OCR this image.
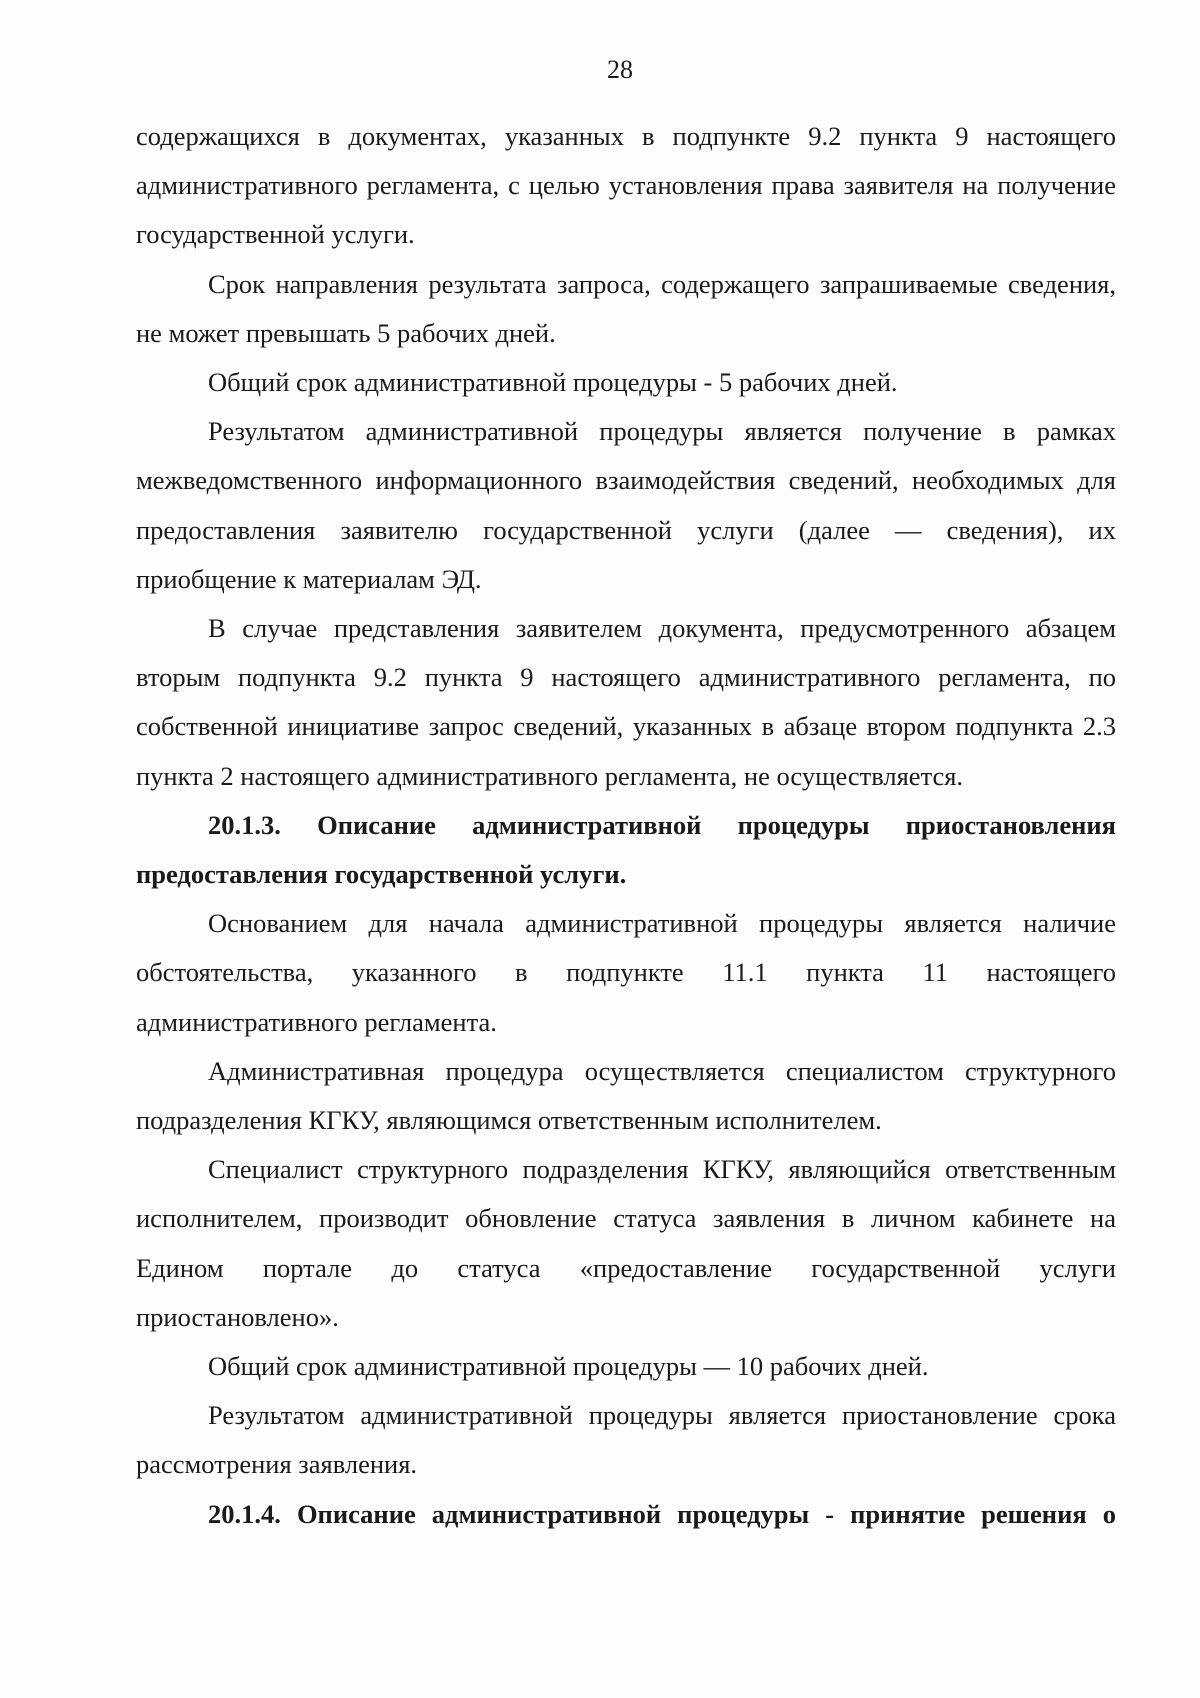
28

содержащихся в документах, указанных в подпункте 9.2 пункта 9 настоящего административного регламента, с целью установления права заявителя на получение государственной услуги.

Срок направления результата запроса, содержащего запрашиваемые сведения, не может превышать 5 рабочих дней.

Общий срок административной процедуры - 5 рабочих дней.

Результатом административной процедуры является получение в рамках межведомственного информационного взаимодействия сведений, необходимых для предоставления заявителю государственной услуги (далее — сведения), их приобщение к материалам ЭД.

В случае представления заявителем документа, предусмотренного абзацем вторым подпункта 9.2 пункта 9 настоящего административного регламента, по собственной инициативе запрос сведений, указанных в абзаце втором подпункта 2.3 пункта 2 настоящего административного регламента, не осуществляется.

20.1.3. Описание административной процедуры приостановления предоставления государственной услуги.

Основанием для начала административной процедуры является наличие обстоятельства, указанного в подпункте 11.1 пункта 11 настоящего административного регламента.

Административная процедура осуществляется специалистом структурного подразделения КГКУ, являющимся ответственным исполнителем.

Специалист структурного подразделения КГКУ, являющийся ответственным исполнителем, производит обновление статуса заявления в личном кабинете на Едином портале до статуса «предоставление государственной услуги приостановлено».

Общий срок административной процедуры — 10 рабочих дней.

Результатом административной процедуры является приостановление срока рассмотрения заявления.

20.1.4. Описание административной процедуры - принятие решения о
